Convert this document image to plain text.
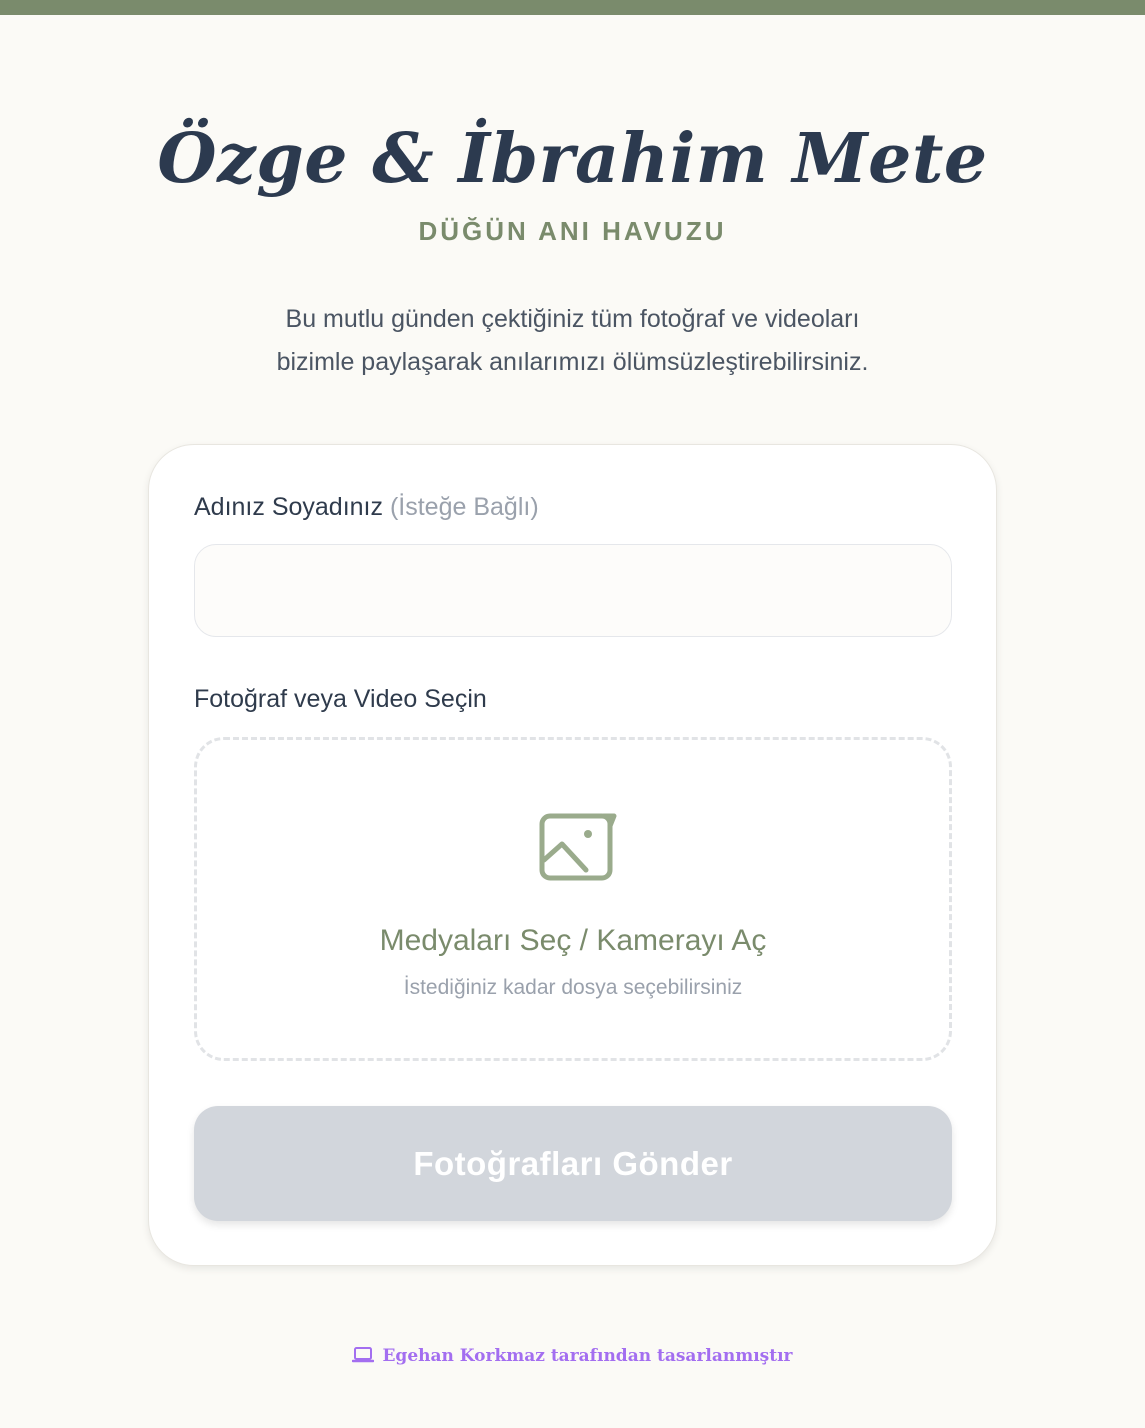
Özge & İbrahim Mete
DÜĞÜN ANI HAVUZU
Bu mutlu günden çektiğiniz tüm fotoğraf ve videoları
bizimle paylaşarak anılarımızı ölümsüzleştirebilirsiniz.
Adınız Soyadınız (İsteğe Bağlı)
Fotoğraf veya Video Seçin
Medyaları Seç / Kamerayı Aç
İstediğiniz kadar dosya seçebilirsiniz
Fotoğrafları Gönder
Egehan Korkmaz tarafından tasarlanmıştır
